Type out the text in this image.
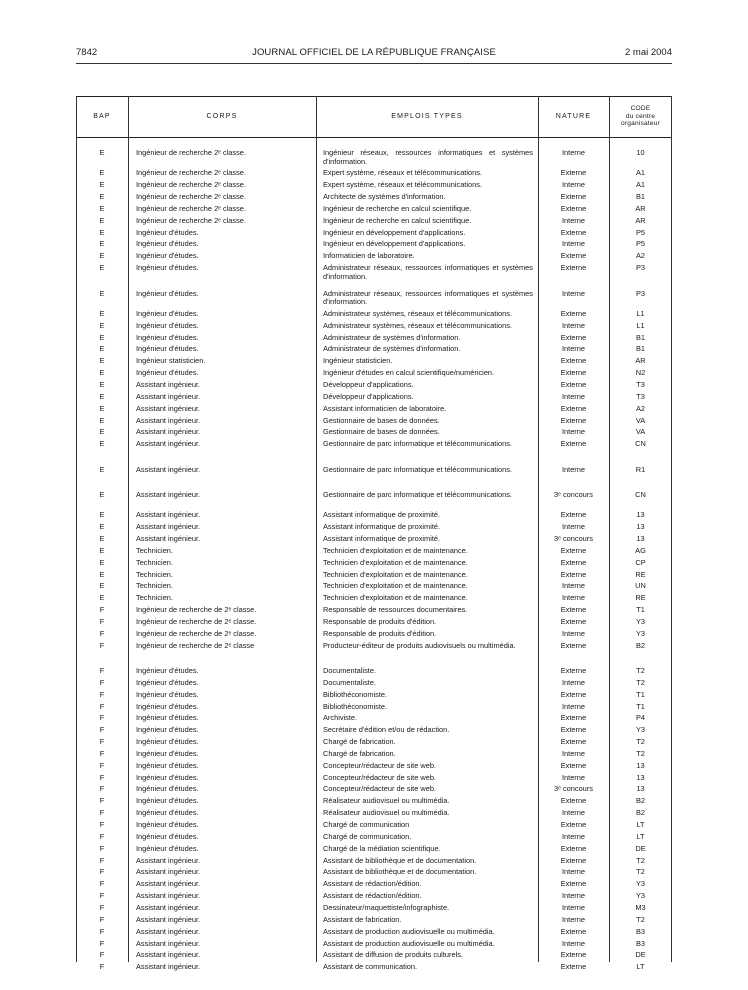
7842	JOURNAL OFFICIEL DE LA RÉPUBLIQUE FRANÇAISE	2 mai 2004
BAP	CORPS	EMPLOIS TYPES	NATURE
CODE
du centre
organisateur
E	Ingénieur de recherche 2ᵉ classe.	Ingénieur réseaux, ressources informatiques et systèmes d'information.
Interne	10
E	Ingénieur de recherche 2ᵉ classe.	Expert système, réseaux et télécommunications.	Externe	A1
E	Ingénieur de recherche 2ᵉ classe.	Expert système, réseaux et télécommunications.	Interne	A1
E	Ingénieur de recherche 2ᵉ classe.	Architecte de systèmes d'information.	Externe	B1
E	Ingénieur de recherche 2ᵉ classe.	Ingénieur de recherche en calcul scientifique.	Externe	AR
E	Ingénieur de recherche 2ᵉ classe.	Ingénieur de recherche en calcul scientifique.	Interne	AR
E	Ingénieur d'études.	Ingénieur en développement d'applications.	Externe	P5
E	Ingénieur d'études.	Ingénieur en développement d'applications.	Interne	P5
E	Ingénieur d'études.	Informaticien de laboratoire.	Externe	A2
E	Ingénieur d'études.	Administrateur réseaux, ressources informatiques et systèmes d'information.
Externe	P3
E	Ingénieur d'études.	Administrateur réseaux, ressources informatiques et systèmes d'information.
Interne	P3
E	Ingénieur d'études.	Administrateur systèmes, réseaux et télécommunications.	Externe	L1
E	Ingénieur d'études.	Administrateur systèmes, réseaux et télécommunications.	Interne	L1
E	Ingénieur d'études.	Administrateur de systèmes d'information.	Externe	B1
E	Ingénieur d'études.	Administrateur de systèmes d'information.	Interne	B1
E	Ingénieur statisticien.	Ingénieur statisticien.	Externe	AR
E	Ingénieur d'études.	Ingénieur d'études en calcul scientifique/numéricien.	Externe	N2
E	Assistant ingénieur.	Développeur d'applications.	Externe	T3
E	Assistant ingénieur.	Développeur d'applications.	Interne	T3
E	Assistant ingénieur.	Assistant informaticien de laboratoire.	Externe	A2
E	Assistant ingénieur.	Gestionnaire de bases de données.	Externe	VA
E	Assistant ingénieur.	Gestionnaire de bases de données.	Interne	VA
E	Assistant ingénieur.	Gestionnaire de parc informatique et télécommunications.	Externe	CN
E	Assistant ingénieur.	Gestionnaire de parc informatique et télécommunications.	Interne	R1
E	Assistant ingénieur.	Gestionnaire de parc informatique et télécommunications.	3ᵉ concours	CN
E	Assistant ingénieur.	Assistant informatique de proximité.	Externe	13
E	Assistant ingénieur.	Assistant informatique de proximité.	Interne	13
E	Assistant ingénieur.	Assistant informatique de proximité.	3ᵉ concours	13
E	Technicien.	Technicien d'exploitation et de maintenance.	Externe	AG
E	Technicien.	Technicien d'exploitation et de maintenance.	Externe	CP
E	Technicien.	Technicien d'exploitation et de maintenance.	Externe	RE
E	Technicien.	Technicien d'exploitation et de maintenance.	Interne	UN
E	Technicien.	Technicien d'exploitation et de maintenance.	Interne	RE
F	Ingénieur de recherche de 2ᵉ classe.	Responsable de ressources documentaires.	Externe	T1
F	Ingénieur de recherche de 2ᵉ classe.	Responsable de produits d'édition.	Externe	Y3
F	Ingénieur de recherche de 2ᵉ classe.	Responsable de produits d'édition.	Interne	Y3
F	Ingénieur de recherche de 2ᵉ classe	Producteur-éditeur de produits audiovisuels ou multimédia.	Externe	B2
F	Ingénieur d'études.	Documentaliste.	Externe	T2
F	Ingénieur d'études.	Documentaliste.	Interne	T2
F	Ingénieur d'études.	Bibliothéconomiste.	Externe	T1
F	Ingénieur d'études.	Bibliothéconomiste.	Interne	T1
F	Ingénieur d'études.	Archiviste.	Externe	P4
F	Ingénieur d'études.	Secrétaire d'édition et/ou de rédaction.	Externe	Y3
F	Ingénieur d'études.	Chargé de fabrication.	Externe	T2
F	Ingénieur d'études.	Chargé de fabrication.	Interne	T2
F	Ingénieur d'études.	Concepteur/rédacteur de site web.	Externe	13
F	Ingénieur d'études.	Concepteur/rédacteur de site web.	Interne	13
F	Ingénieur d'études.	Concepteur/rédacteur de site web.	3ᵉ concours	13
F	Ingénieur d'études.	Réalisateur audiovisuel ou multimédia.	Externe	B2
F	Ingénieur d'études.	Réalisateur audiovisuel ou multimédia.	Interne	B2
F	Ingénieur d'études.	Chargé de communication	Externe	LT
F	Ingénieur d'études.	Chargé de communication.	Interne	LT
F	Ingénieur d'études.	Chargé de la médiation scientifique.	Externe	DE
F	Assistant ingénieur.	Assistant de bibliothèque et de documentation.	Externe	T2
F	Assistant ingénieur.	Assistant de bibliothèque et de documentation.	Interne	T2
F	Assistant ingénieur.	Assistant de rédaction/édition.	Externe	Y3
F	Assistant ingénieur.	Assistant de rédaction/édition.	Interne	Y3
F	Assistant ingénieur.	Dessinateur/maquettiste/infographiste.	Interne	M3
F	Assistant ingénieur.	Assistant de fabrication.	Interne	T2
F	Assistant ingénieur.	Assistant de production audiovisuelle ou multimédia.	Externe	B3
F	Assistant ingénieur.	Assistant de production audiovisuelle ou multimédia.	Interne	B3
F	Assistant ingénieur.	Assistant de diffusion de produits culturels.	Externe	DE
F	Assistant ingénieur.	Assistant de communication.	Externe	LT
